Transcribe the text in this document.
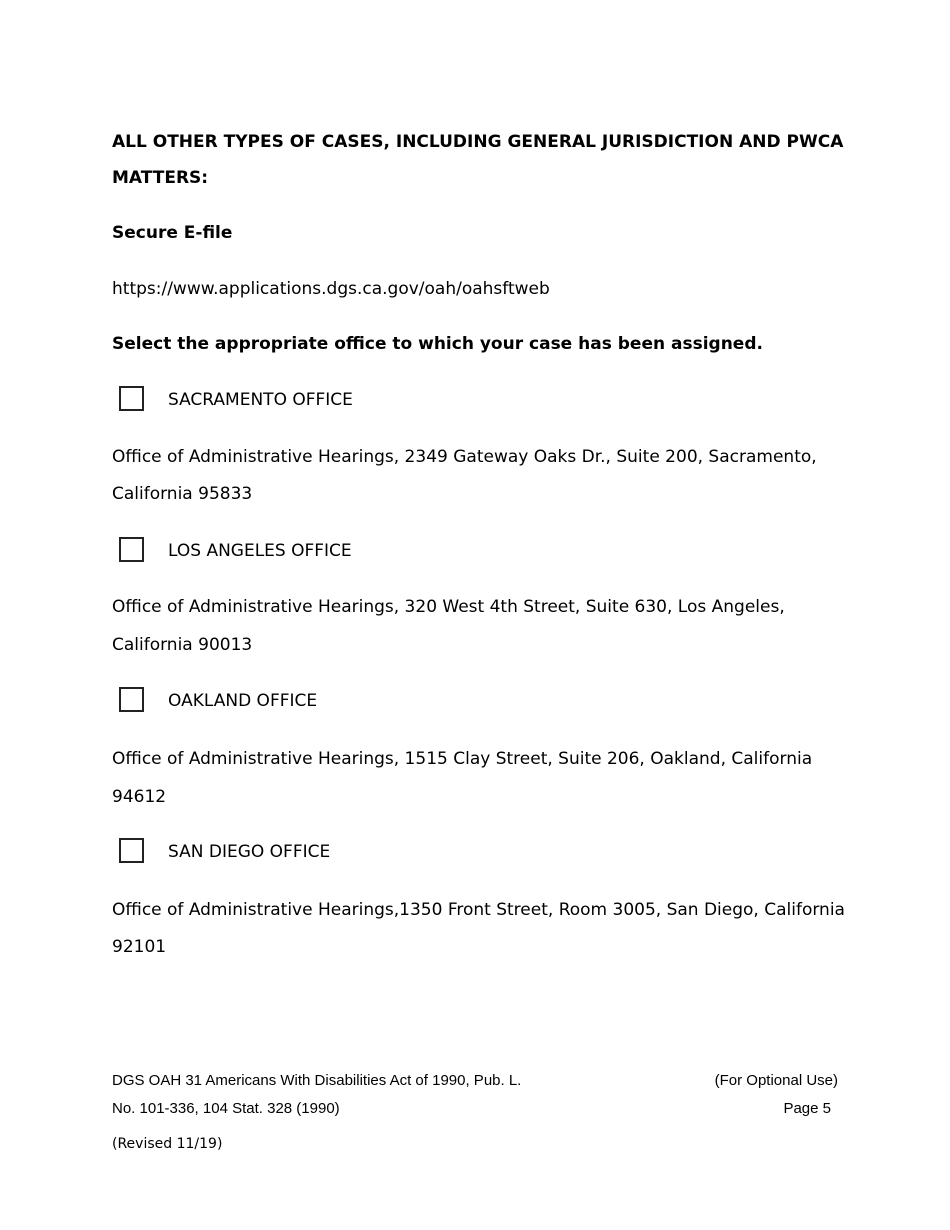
ALL OTHER TYPES OF CASES, INCLUDING GENERAL JURISDICTION AND PWCA
MATTERS:
Secure E-file
https://www.applications.dgs.ca.gov/oah/oahsftweb
Select the appropriate office to which your case has been assigned.
SACRAMENTO OFFICE
Office of Administrative Hearings, 2349 Gateway Oaks Dr., Suite 200, Sacramento,
California 95833
LOS ANGELES OFFICE
Office of Administrative Hearings, 320 West 4th Street, Suite 630, Los Angeles,
California 90013
OAKLAND OFFICE
Office of Administrative Hearings, 1515 Clay Street, Suite 206, Oakland, California
94612
SAN DIEGO OFFICE
Office of Administrative Hearings,1350 Front Street, Room 3005, San Diego, California
92101
DGS OAH 31 Americans With Disabilities Act of 1990, Pub. L.
No. 101-336, 104 Stat. 328 (1990)
(Revised 11/19)
(For Optional Use)
Page 5
